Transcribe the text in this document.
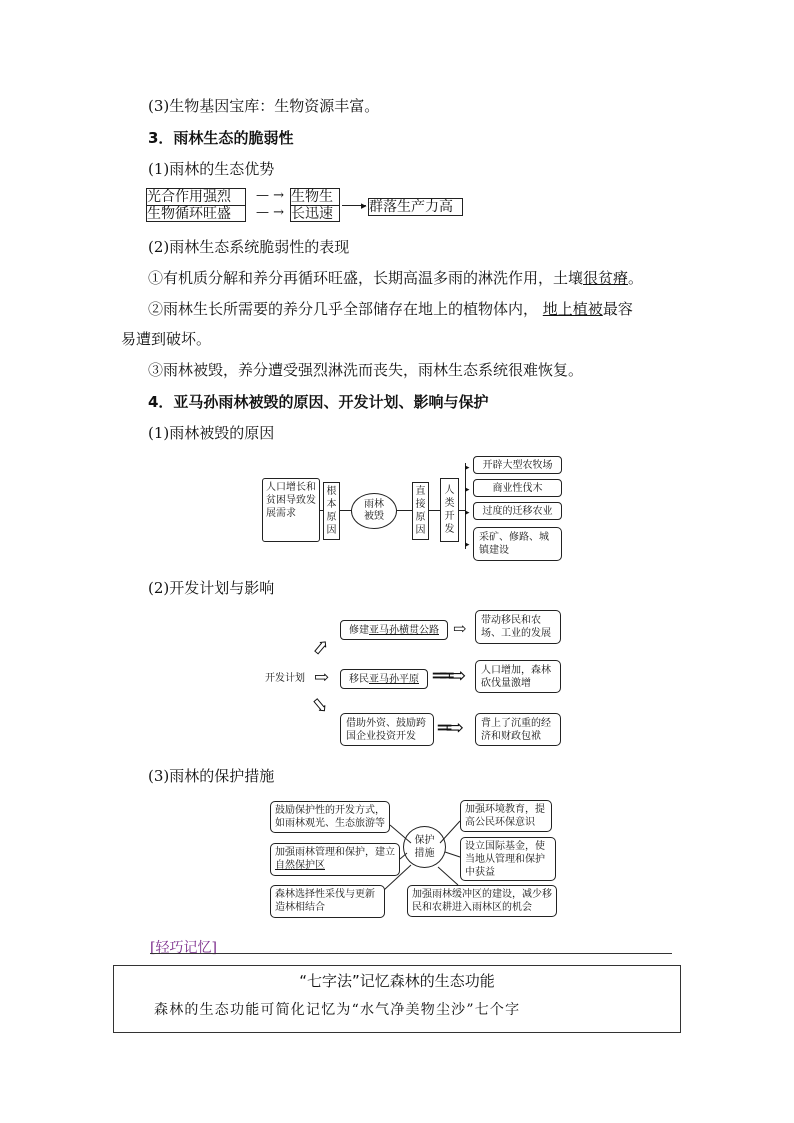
(3)生物基因宝库：生物资源丰富。
3．雨林生态的脆弱性
(1)雨林的生态优势
光合作用强烈
生物循环旺盛
— →
— →
生物生
长迅速
▸ 群落生产力高
(2)雨林生态系统脆弱性的表现
①有机质分解和养分再循环旺盛，长期高温多雨的淋洗作用，土壤很贫瘠。
②雨林生长所需要的养分几乎全部储存在地上的植物体内， 地上植被最容
易遭到破坏。
③雨林被毁，养分遭受强烈淋洗而丧失，雨林生态系统很难恢复。
4．亚马孙雨林被毁的原因、开发计划、影响与保护
(1)雨林被毁的原因
人口增长和贫困导致发展需求
根本原因
雨林被毁
直接原因
人类开发
▸
▸
▸
▸
开辟大型农牧场
商业性伐木
过度的迁移农业
采矿、修路、城镇建设
(2)开发计划与影响
开发计划
⇨
⇨
⇨
修建 亚马孙横贯公路
移民 亚马孙平原
借助外资、鼓励跨国企业投资开发
⇨
══⇨
═⇨
带动移民和农场、工业的发展
人口增加，森林砍伐量激增
背上了沉重的经济和财政包袱
(3)雨林的保护措施
保护措施
鼓励保护性的开发方式，如雨林观光、生态旅游等
加强雨林管理和保护，建立自然保护区
森林选择性采伐与更新造林相结合
加强环境教育，提高公民环保意识
设立国际基金，使当地从管理和保护中获益
加强雨林缓冲区的建设，减少移民和农耕进入雨林区的机会
[轻巧记忆]
“七字法”记忆森林的生态功能
森林的生态功能可简化记忆为“水气净美物尘沙”七个字
